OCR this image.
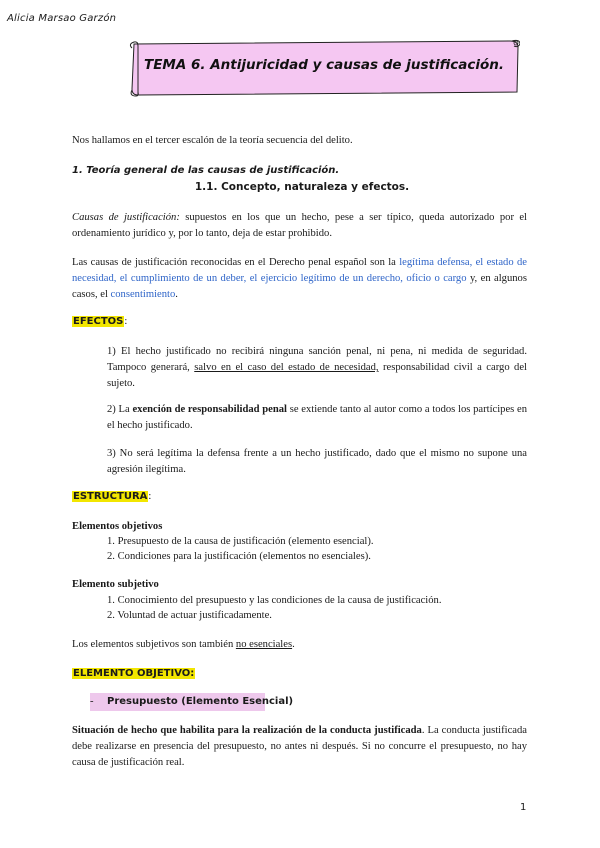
Alicia Marsao Garzón
TEMA 6. Antijuricidad y causas de justificación.
Nos hallamos en el tercer escalón de la teoría secuencia del delito.
1. Teoría general de las causas de justificación.
1.1. Concepto, naturaleza y efectos.
Causas de justificación: supuestos en los que un hecho, pese a ser típico, queda autorizado por el ordenamiento jurídico y, por lo tanto, deja de estar prohibido.
Las causas de justificación reconocidas en el Derecho penal español son la legítima defensa, el estado de necesidad, el cumplimiento de un deber, el ejercicio legítimo de un derecho, oficio o cargo y, en algunos casos, el consentimiento.
EFECTOS:
1) El hecho justificado no recibirá ninguna sanción penal, ni pena, ni medida de seguridad. Tampoco generará, salvo en el caso del estado de necesidad, responsabilidad civil a cargo del sujeto.
2) La exención de responsabilidad penal se extiende tanto al autor como a todos los partícipes en el hecho justificado.
3) No será legítima la defensa frente a un hecho justificado, dado que el mismo no supone una agresión ilegítima.
ESTRUCTURA:
Elementos objetivos
1. Presupuesto de la causa de justificación (elemento esencial).
2. Condiciones para la justificación (elementos no esenciales).
Elemento subjetivo
1. Conocimiento del presupuesto y las condiciones de la causa de justificación.
2. Voluntad de actuar justificadamente.
Los elementos subjetivos son también no esenciales.
ELEMENTO OBJETIVO:
- Presupuesto (Elemento Esencial)
Situación de hecho que habilita para la realización de la conducta justificada. La conducta justificada debe realizarse en presencia del presupuesto, no antes ni después. Si no concurre el presupuesto, no hay causa de justificación real.
1
